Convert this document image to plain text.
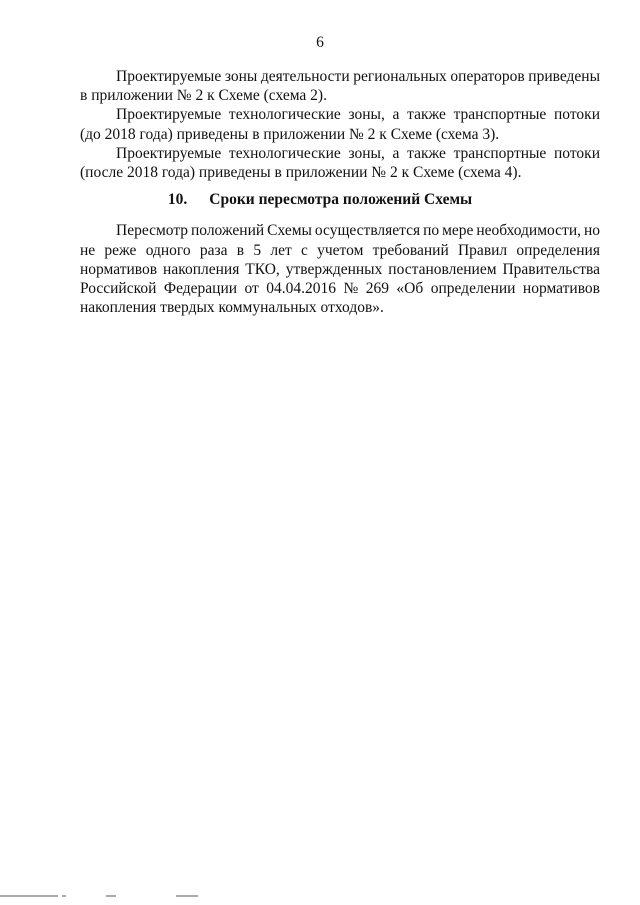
6
Проектируемые зоны деятельности региональных операторов приведены
в приложении № 2 к Схеме (схема 2).
Проектируемые технологические зоны, а также транспортные потоки
(до 2018 года) приведены в приложении № 2 к Схеме (схема 3).
Проектируемые технологические зоны, а также транспортные потоки
(после 2018 года) приведены в приложении № 2 к Схеме (схема 4).
10. Сроки пересмотра положений Схемы
Пересмотр положений Схемы осуществляется по мере необходимости, но
не реже одного раза в 5 лет с учетом требований Правил определения
нормативов накопления ТКО, утвержденных постановлением Правительства
Российской Федерации от 04.04.2016 № 269 «Об определении нормативов
накопления твердых коммунальных отходов».
